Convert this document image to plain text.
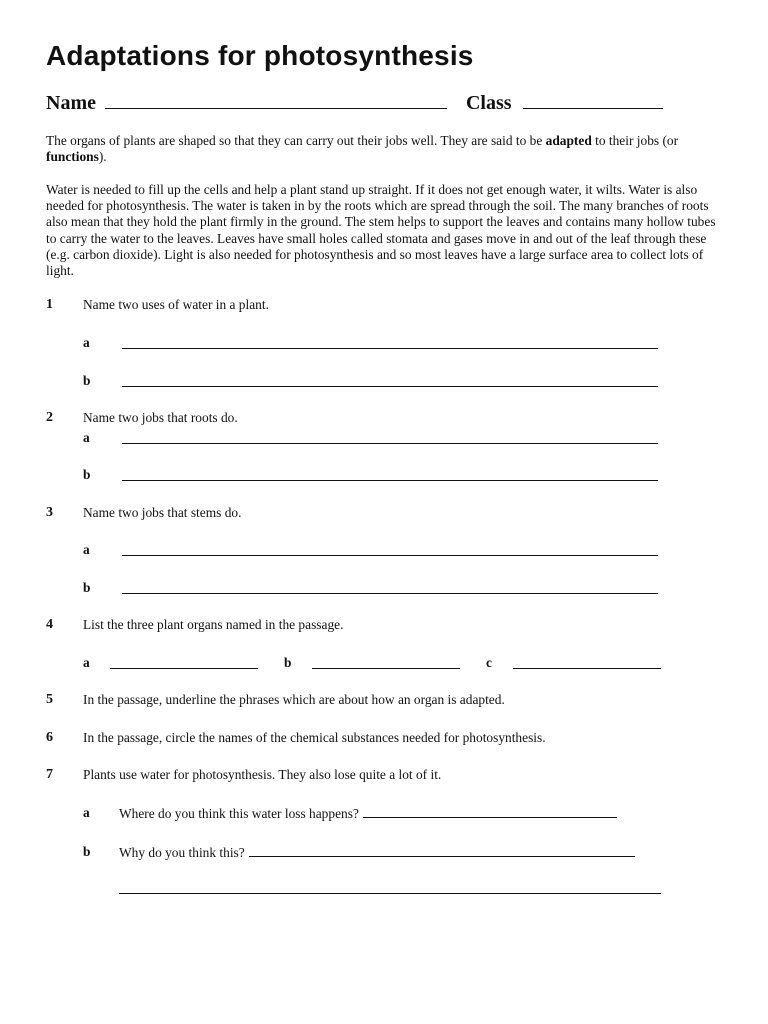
Adaptations for photosynthesis
Name	Class
The organs of plants are shaped so that they can carry out their jobs well. They are said to be adapted to their jobs (or functions).
Water is needed to fill up the cells and help a plant stand up straight. If it does not get enough water, it wilts. Water is also needed for photosynthesis. The water is taken in by the roots which are spread through the soil. The many branches of roots also mean that they hold the plant firmly in the ground. The stem helps to support the leaves and contains many hollow tubes to carry the water to the leaves. Leaves have small holes called stomata and gases move in and out of the leaf through these (e.g. carbon dioxide). Light is also needed for photosynthesis and so most leaves have a large surface area to collect lots of light.
1 Name two uses of water in a plant.
a
b
2 Name two jobs that roots do.
a
b
3 Name two jobs that stems do.
a
b
4 List the three plant organs named in the passage.
a	b	c
5 In the passage, underline the phrases which are about how an organ is adapted.
6 In the passage, circle the names of the chemical substances needed for photosynthesis.
7 Plants use water for photosynthesis. They also lose quite a lot of it.
a Where do you think this water loss happens?
b Why do you think this?
